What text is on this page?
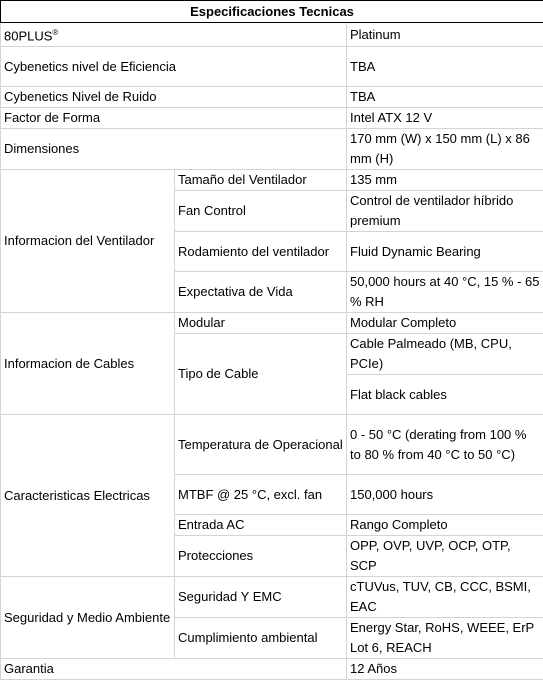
Especificaciones Tecnicas		
80PLUS®		Platinum
Cybenetics nivel de Eficiencia		TBA
Cybenetics Nivel de Ruido		TBA
Factor de Forma		Intel ATX 12 V
Dimensiones		170 mm (W) x 150 mm (L) x 86 mm (H)
Informacion del Ventilador	Tamaño del Ventilador	135 mm
	Fan Control	Control de ventilador híbrido premium
	Rodamiento del ventilador	Fluid Dynamic Bearing
	Expectativa de Vida	50,000 hours at 40 °C, 15 % - 65 % RH
Informacion de Cables	Modular	Modular Completo
	Tipo de Cable	Cable Palmeado (MB, CPU, PCIe)
		Flat black cables
Caracteristicas Electricas	Temperatura de Operacional	0 - 50 °C (derating from 100 % to 80 % from 40 °C to 50 °C)
	MTBF @ 25 °C, excl. fan	150,000 hours
	Entrada AC	Rango Completo
	Protecciones	OPP, OVP, UVP, OCP, OTP, SCP
Seguridad y Medio Ambiente	Seguridad Y EMC	cTUVus, TUV, CB, CCC, BSMI, EAC
	Cumplimiento ambiental	Energy Star, RoHS, WEEE, ErP Lot 6, REACH
Garantia		12 Años
